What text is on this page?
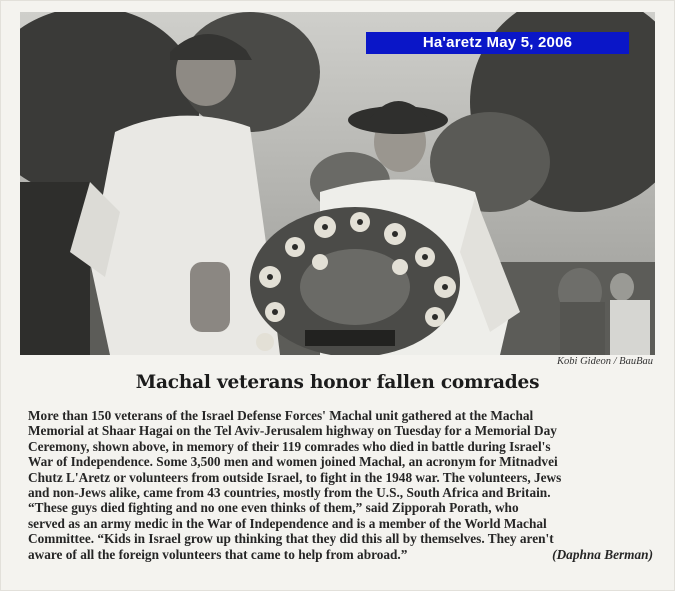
Ha'aretz May 5, 2006
Kobi Gideon / BauBau
Machal veterans honor fallen comrades
More than 150 veterans of the Israel Defense Forces' Machal unit gathered at the Machal
Memorial at Shaar Hagai on the Tel Aviv-Jerusalem highway on Tuesday for a Memorial Day
Ceremony, shown above, in memory of their 119 comrades who died in battle during Israel's
War of Independence. Some 3,500 men and women joined Machal, an acronym for Mitnadvei
Chutz L'Aretz or volunteers from outside Israel, to fight in the 1948 war. The volunteers, Jews
and non-Jews alike, came from 43 countries, mostly from the U.S., South Africa and Britain.
“These guys died fighting and no one even thinks of them,” said Zipporah Porath, who
served as an army medic in the War of Independence and is a member of the World Machal
Committee. “Kids in Israel grow up thinking that they did this all by themselves. They aren't
aware of all the foreign volunteers that came to help from abroad.”	(Daphna Berman)
